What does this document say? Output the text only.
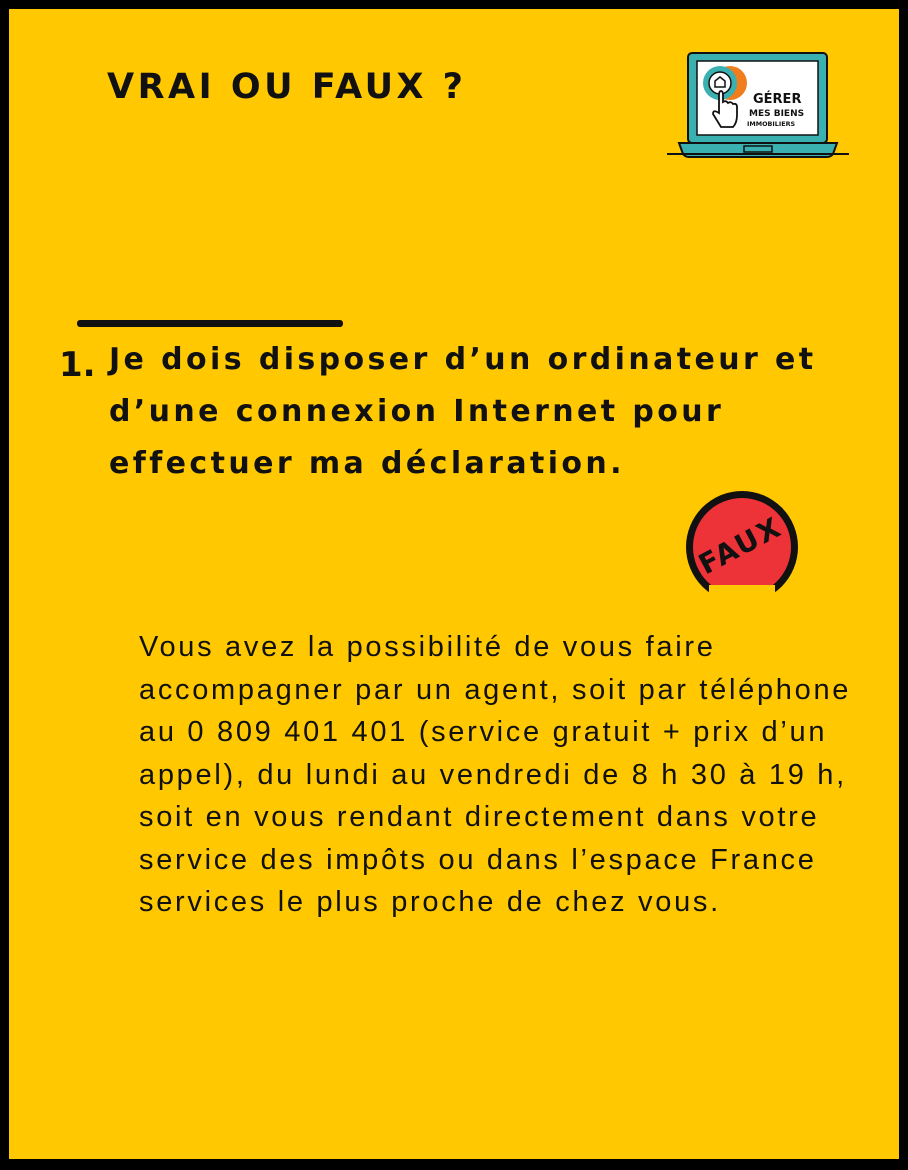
VRAI OU FAUX ?	GÉRER
MES BIENS
IMMOBILIERS
1. Je dois disposer d’un ordinateur et d’une connexion Internet pour effectuer ma déclaration.
FAUX
Vous avez la possibilité de vous faire accompagner par un agent, soit par téléphone au 0 809 401 401 (service gratuit + prix d’un appel), du lundi au vendredi de 8 h 30 à 19 h, soit en vous rendant directement dans votre service des impôts ou dans l’espace France services le plus proche de chez vous.
